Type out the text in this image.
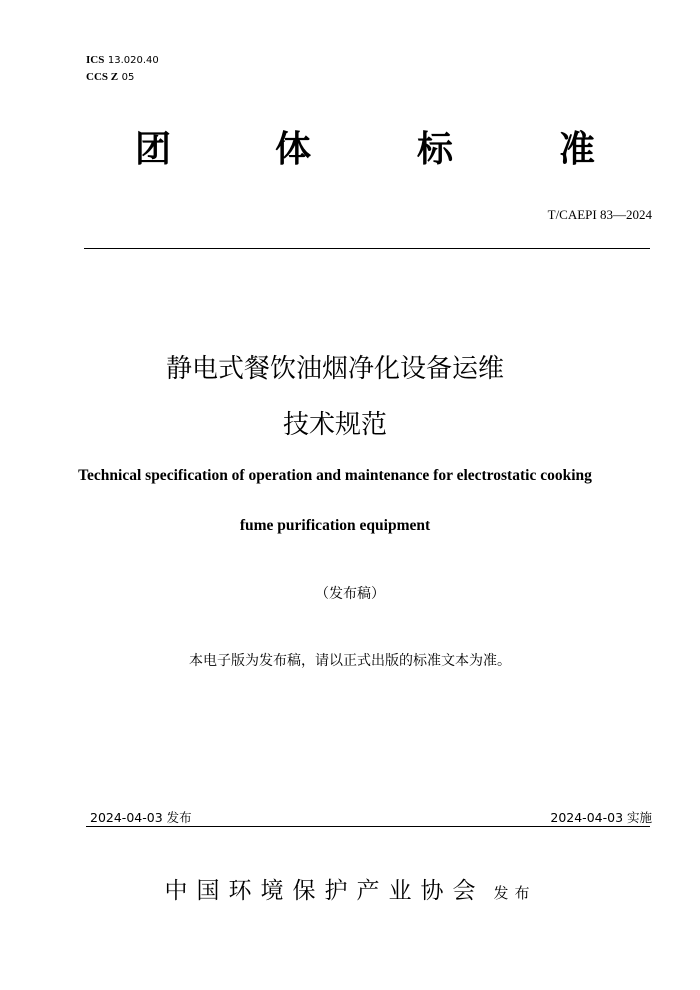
ICS 13.020.40
CCS Z 05
团	体	标	准
T/CAEPI 83—2024
静电式餐饮油烟净化设备运维
技术规范
Technical specification of operation and maintenance for electrostatic cooking
fume purification equipment
（发布稿）
本电子版为发布稿，请以正式出版的标准文本为准。
2024-04-03 发布	2024-04-03 实施
中国环境保护产业协会 发布
